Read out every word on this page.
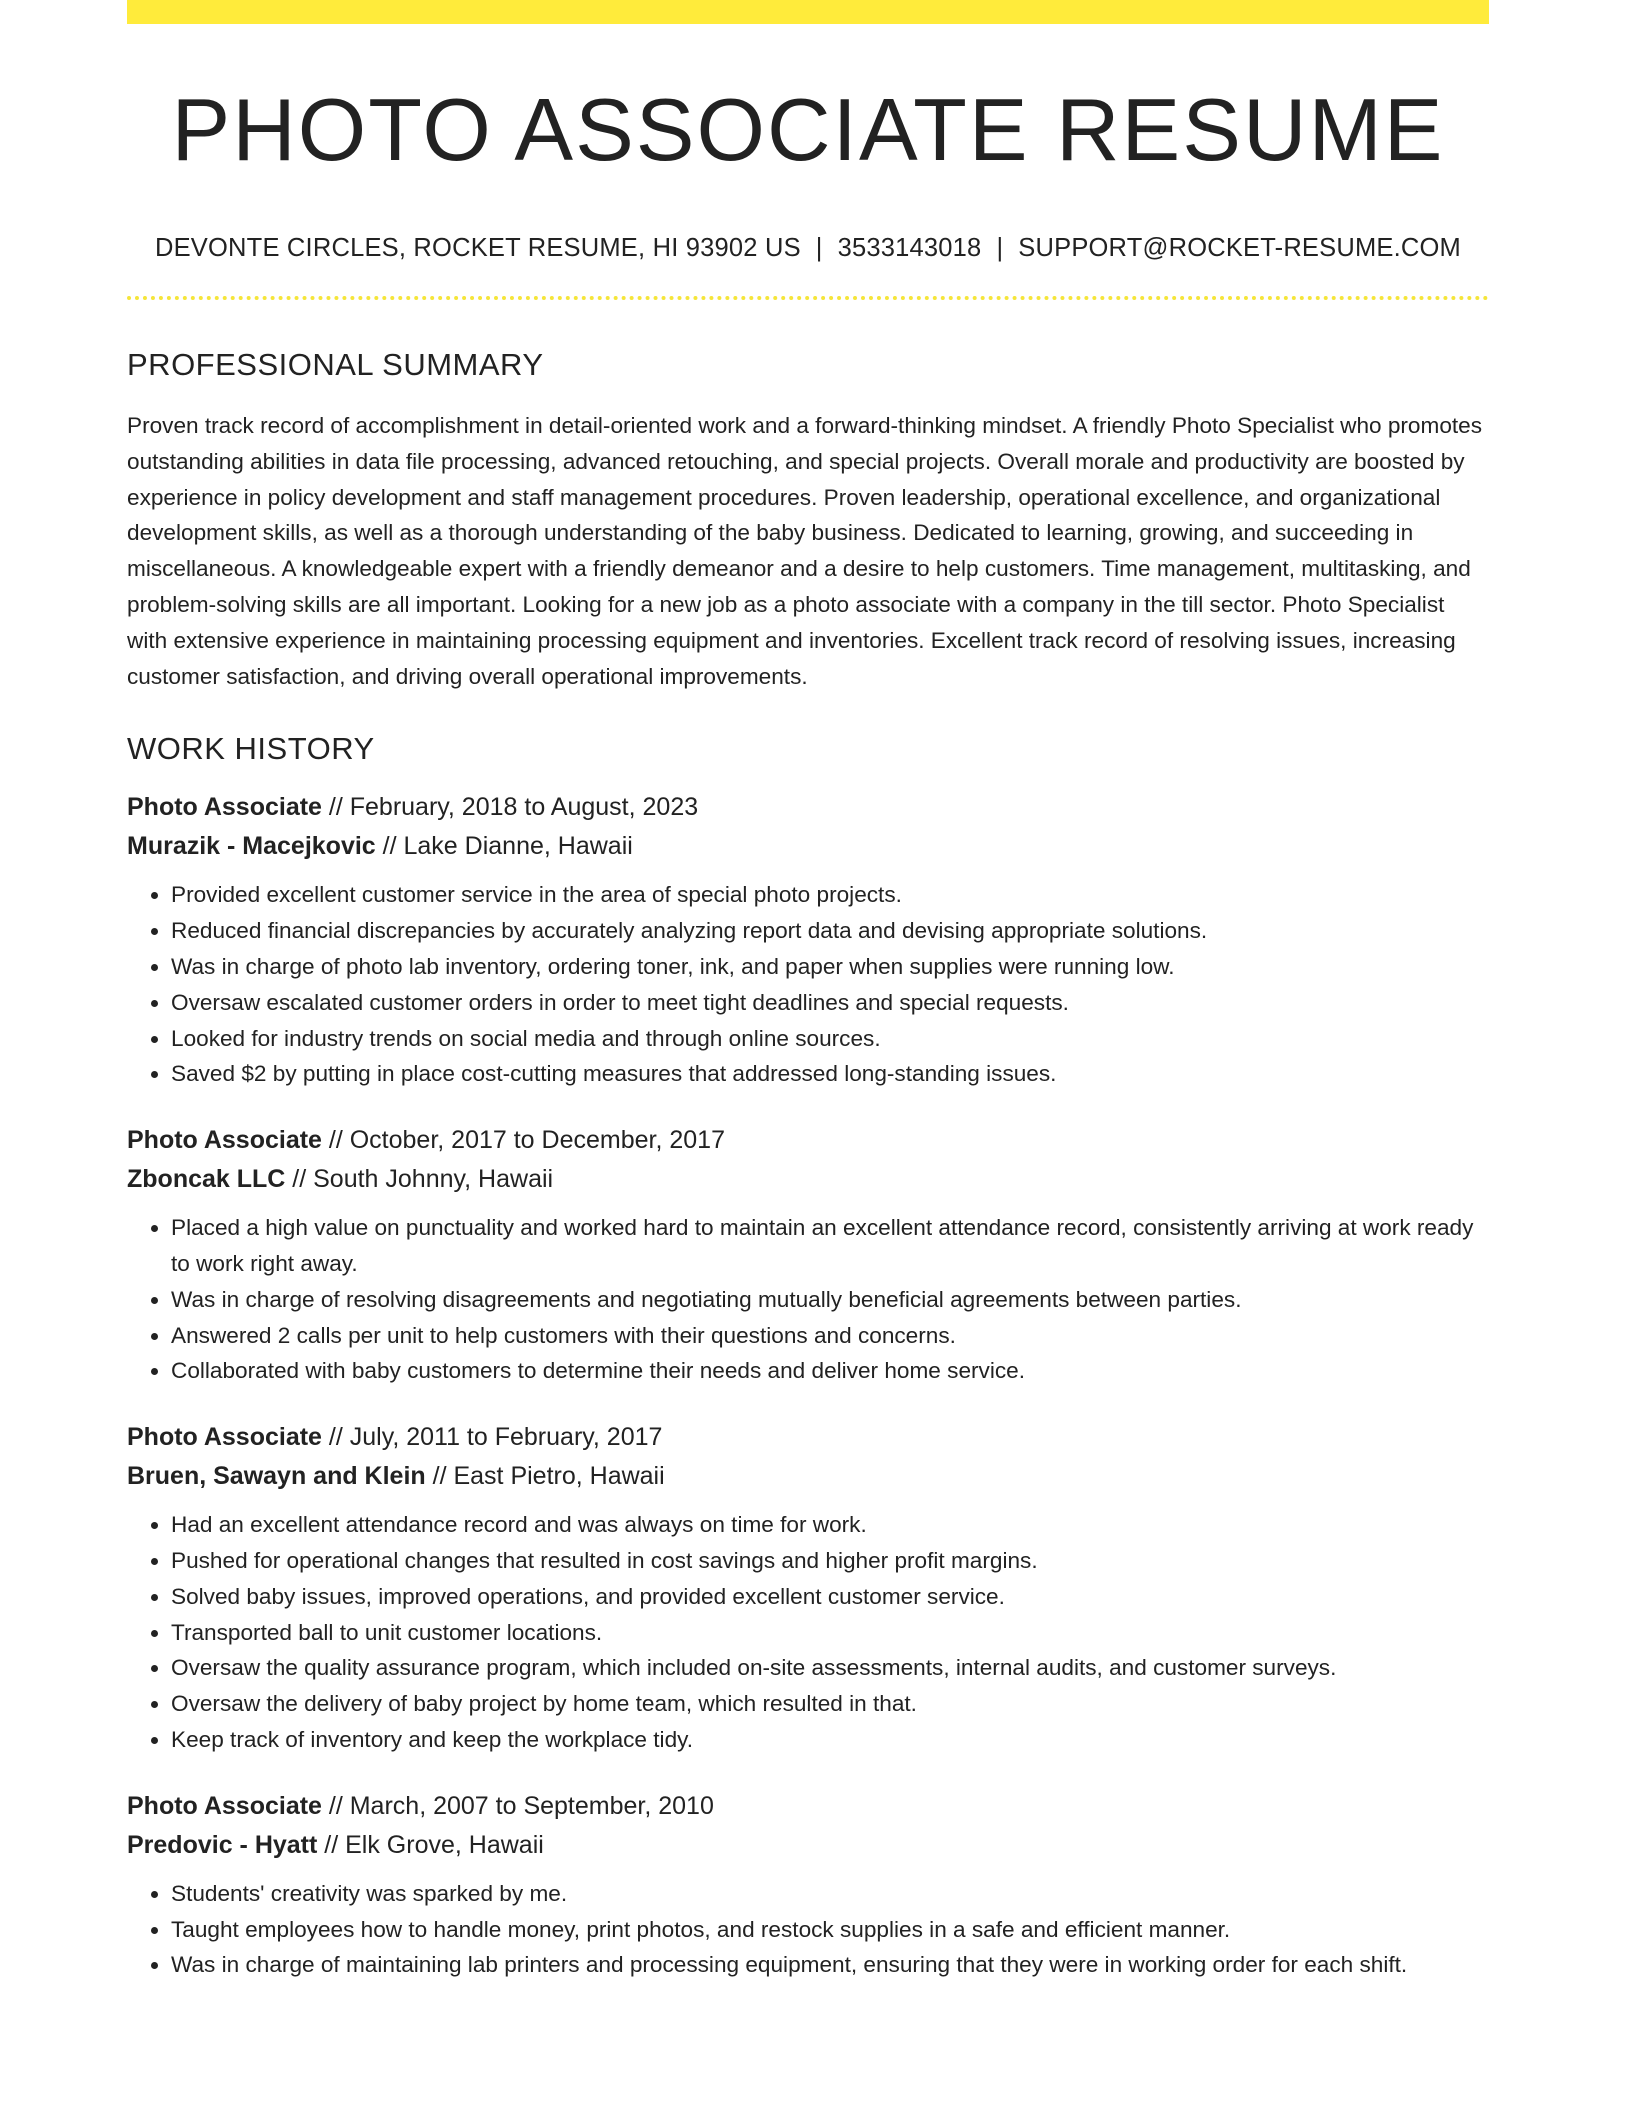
PHOTO ASSOCIATE RESUME
DEVONTE CIRCLES, ROCKET RESUME, HI 93902 US | 3533143018 | SUPPORT@ROCKET-RESUME.COM
PROFESSIONAL SUMMARY

Proven track record of accomplishment in detail-oriented work and a forward-thinking mindset. A friendly Photo Specialist who promotes outstanding abilities in data file processing, advanced retouching, and special projects. Overall morale and productivity are boosted by experience in policy development and staff management procedures. Proven leadership, operational excellence, and organizational development skills, as well as a thorough understanding of the baby business. Dedicated to learning, growing, and succeeding in miscellaneous. A knowledgeable expert with a friendly demeanor and a desire to help customers. Time management, multitasking, and problem-solving skills are all important. Looking for a new job as a photo associate with a company in the till sector. Photo Specialist with extensive experience in maintaining processing equipment and inventories. Excellent track record of resolving issues, increasing customer satisfaction, and driving overall operational improvements.

WORK HISTORY
Photo Associate // February, 2018 to August, 2023
Murazik - Macejkovic // Lake Dianne, Hawaii
• Provided excellent customer service in the area of special photo projects.
• Reduced financial discrepancies by accurately analyzing report data and devising appropriate solutions.
• Was in charge of photo lab inventory, ordering toner, ink, and paper when supplies were running low.
• Oversaw escalated customer orders in order to meet tight deadlines and special requests.
• Looked for industry trends on social media and through online sources.
• Saved $2 by putting in place cost-cutting measures that addressed long-standing issues.
Photo Associate // October, 2017 to December, 2017
Zboncak LLC // South Johnny, Hawaii
• Placed a high value on punctuality and worked hard to maintain an excellent attendance record, consistently arriving at work ready to work right away.
• Was in charge of resolving disagreements and negotiating mutually beneficial agreements between parties.
• Answered 2 calls per unit to help customers with their questions and concerns.
• Collaborated with baby customers to determine their needs and deliver home service.
Photo Associate // July, 2011 to February, 2017
Bruen, Sawayn and Klein // East Pietro, Hawaii
• Had an excellent attendance record and was always on time for work.
• Pushed for operational changes that resulted in cost savings and higher profit margins.
• Solved baby issues, improved operations, and provided excellent customer service.
• Transported ball to unit customer locations.
• Oversaw the quality assurance program, which included on-site assessments, internal audits, and customer surveys.
• Oversaw the delivery of baby project by home team, which resulted in that.
• Keep track of inventory and keep the workplace tidy.
Photo Associate // March, 2007 to September, 2010
Predovic - Hyatt // Elk Grove, Hawaii
• Students' creativity was sparked by me.
• Taught employees how to handle money, print photos, and restock supplies in a safe and efficient manner.
• Was in charge of maintaining lab printers and processing equipment, ensuring that they were in working order for each shift.
